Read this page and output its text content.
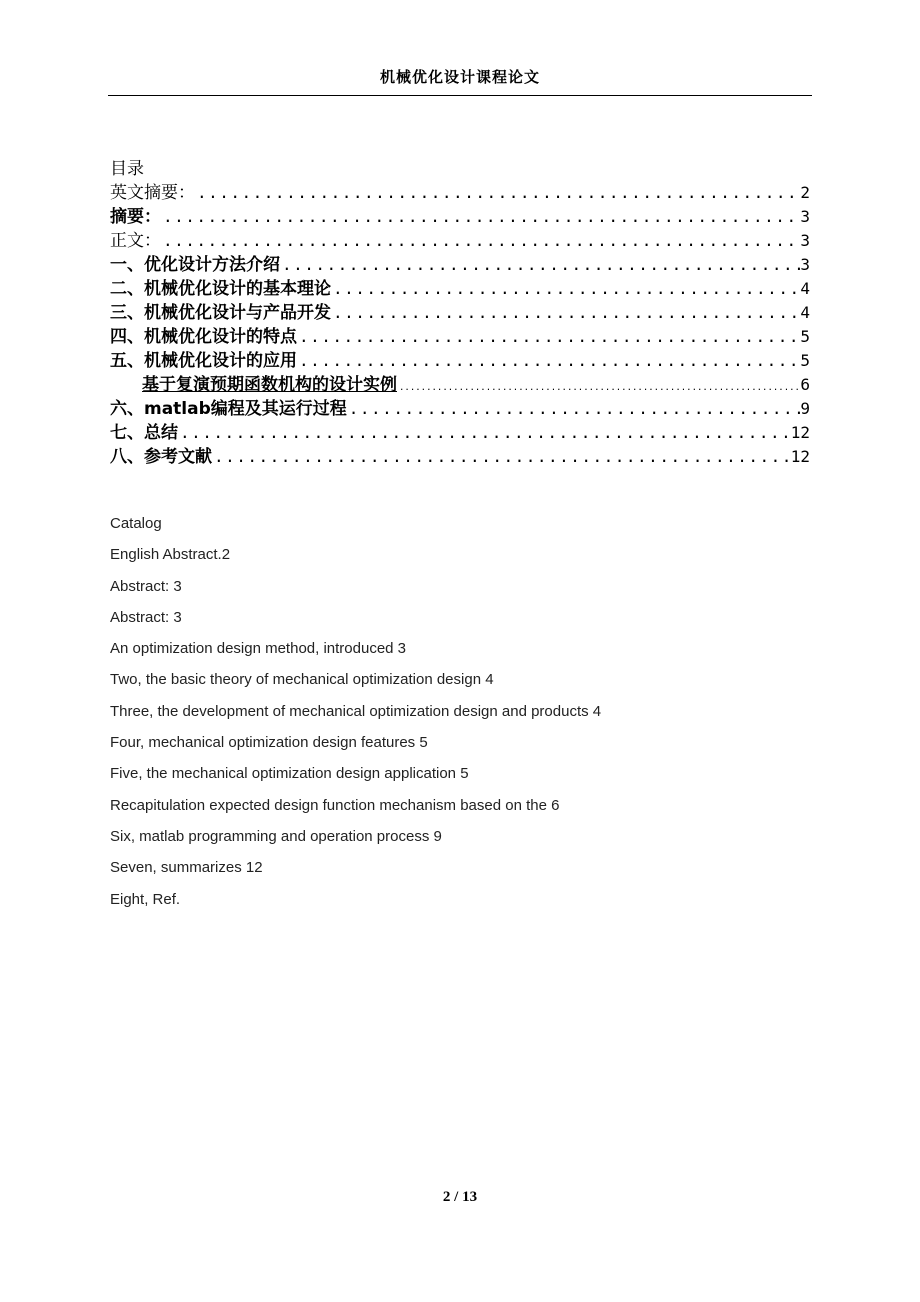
机械优化设计课程论文
目录
英文摘要： .....	2
摘要： .....	3
正文： .....	3
一、优化设计方法介绍 .....	3
二、机械优化设计的基本理论 .....	4
三、机械优化设计与产品开发 .....	4
四、机械优化设计的特点 .....	5
五、机械优化设计的应用 .....	5
基于复演预期函数机构的设计实例 .....	6
六、matlab编程及其运行过程 .....	9
七、总结 .....	12
八、参考文献 .....	12
Catalog
English Abstract.2
Abstract: 3
Abstract: 3
An optimization design method, introduced 3
Two, the basic theory of mechanical optimization design 4
Three, the development of mechanical optimization design and products 4
Four, mechanical optimization design features 5
Five, the mechanical optimization design application 5
Recapitulation expected design function mechanism based on the 6
Six, matlab programming and operation process 9
Seven, summarizes 12
Eight, Ref.
2 / 13
